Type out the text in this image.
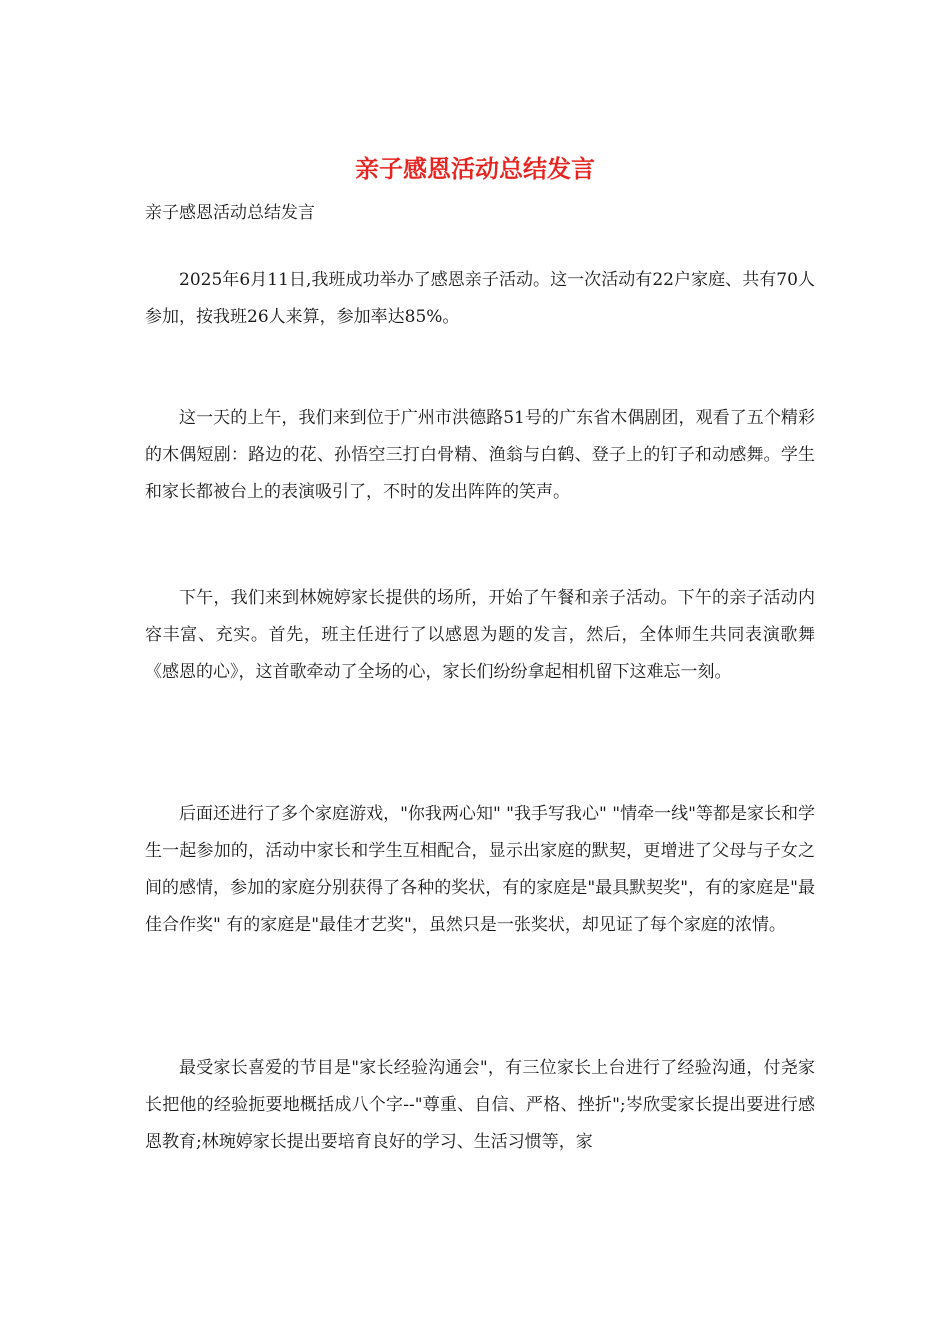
亲子感恩活动总结发言

亲子感恩活动总结发言

2025年6月11日,我班成功举办了感恩亲子活动。这一次活动有22户家庭、共有70人参加，按我班26人来算，参加率达85%。

这一天的上午，我们来到位于广州市洪德路51号的广东省木偶剧团，观看了五个精彩的木偶短剧：路边的花、孙悟空三打白骨精、渔翁与白鹤、登子上的钉子和动感舞。学生和家长都被台上的表演吸引了，不时的发出阵阵的笑声。

下午，我们来到林婉婷家长提供的场所，开始了午餐和亲子活动。下午的亲子活动内容丰富、充实。首先，班主任进行了以感恩为题的发言，然后，全体师生共同表演歌舞《感恩的心》，这首歌牵动了全场的心，家长们纷纷拿起相机留下这难忘一刻。

后面还进行了多个家庭游戏，"你我两心知" "我手写我心" "情牵一线"等都是家长和学生一起参加的，活动中家长和学生互相配合，显示出家庭的默契，更增进了父母与子女之间的感情，参加的家庭分别获得了各种的奖状，有的家庭是"最具默契奖"，有的家庭是"最佳合作奖" 有的家庭是"最佳才艺奖"，虽然只是一张奖状，却见证了每个家庭的浓情。

最受家长喜爱的节目是"家长经验沟通会"，有三位家长上台进行了经验沟通，付尧家长把他的经验扼要地概括成八个字--"尊重、自信、严格、挫折";岑欣雯家长提出要进行感恩教育;林琬婷家长提出要培育良好的学习、生活习惯等，家
